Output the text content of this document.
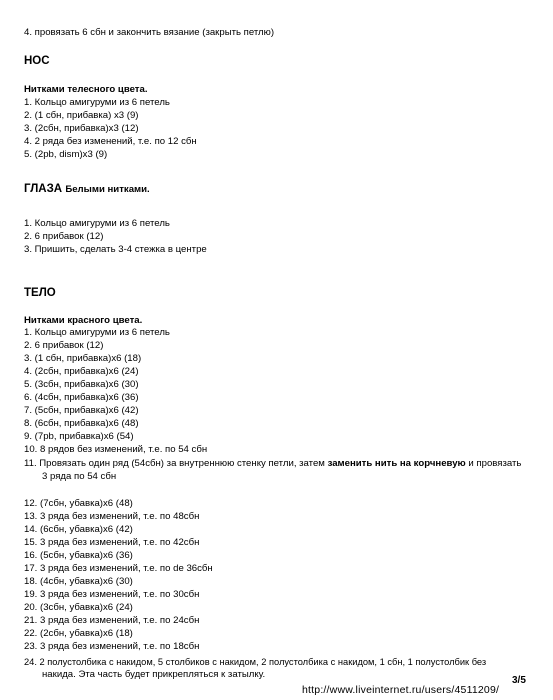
4. провязать 6 сбн и закончить вязание (закрыть петлю)
НОС
Нитками телесного цвета.
1. Кольцо амигуруми из 6 петель
2. (1 сбн, прибавка) х3 (9)
3. (2сбн, прибавка)х3 (12)
4. 2 ряда без изменений, т.е. по 12 сбн
5. (2pb, dism)х3 (9)
ГЛАЗА Белыми нитками.
1. Кольцо амигуруми из 6 петель
2. 6 прибавок (12)
3. Пришить, сделать 3-4 стежка в центре
ТЕЛО
Нитками красного цвета.
1. Кольцо амигуруми из 6 петель
2. 6 прибавок (12)
3. (1 сбн, прибавка)х6 (18)
4. (2сбн, прибавка)х6 (24)
5. (3сбн, прибавка)х6 (30)
6. (4сбн, прибавка)х6 (36)
7. (5сбн, прибавка)х6 (42)
8. (6сбн, прибавка)х6 (48)
9. (7pb, прибавка)х6 (54)
10. 8 рядов без изменений, т.е. по 54 сбн
11. Провязать один ряд (54сбн) за внутреннюю стенку петли, затем заменить нить на корчневую и провязать
3 ряда по 54 сбн
12. (7сбн, убавка)х6 (48)
13. 3 ряда без изменений, т.е. по 48сбн
14. (6сбн, убавка)х6 (42)
15. 3 ряда без изменений, т.е. по 42сбн
16. (5сбн, убавка)х6 (36)
17. 3 ряда без изменений, т.е. по de 36сбн
18. (4сбн, убавка)х6 (30)
19. 3 ряда без изменений, т.е. по 30сбн
20. (3сбн, убавка)х6 (24)
21. 3 ряда без изменений, т.е. по 24сбн
22. (2сбн, убавка)х6 (18)
23. 3 ряда без изменений, т.е. по 18сбн
24. 2 полустолбика с накидом, 5 столбиков с накидом, 2 полустолбика с накидом, 1 сбн, 1 полустолбик без
накида. Эта часть будет прикрепляться к затылку.
3/5
http://www.liveinternet.ru/users/4511209/
